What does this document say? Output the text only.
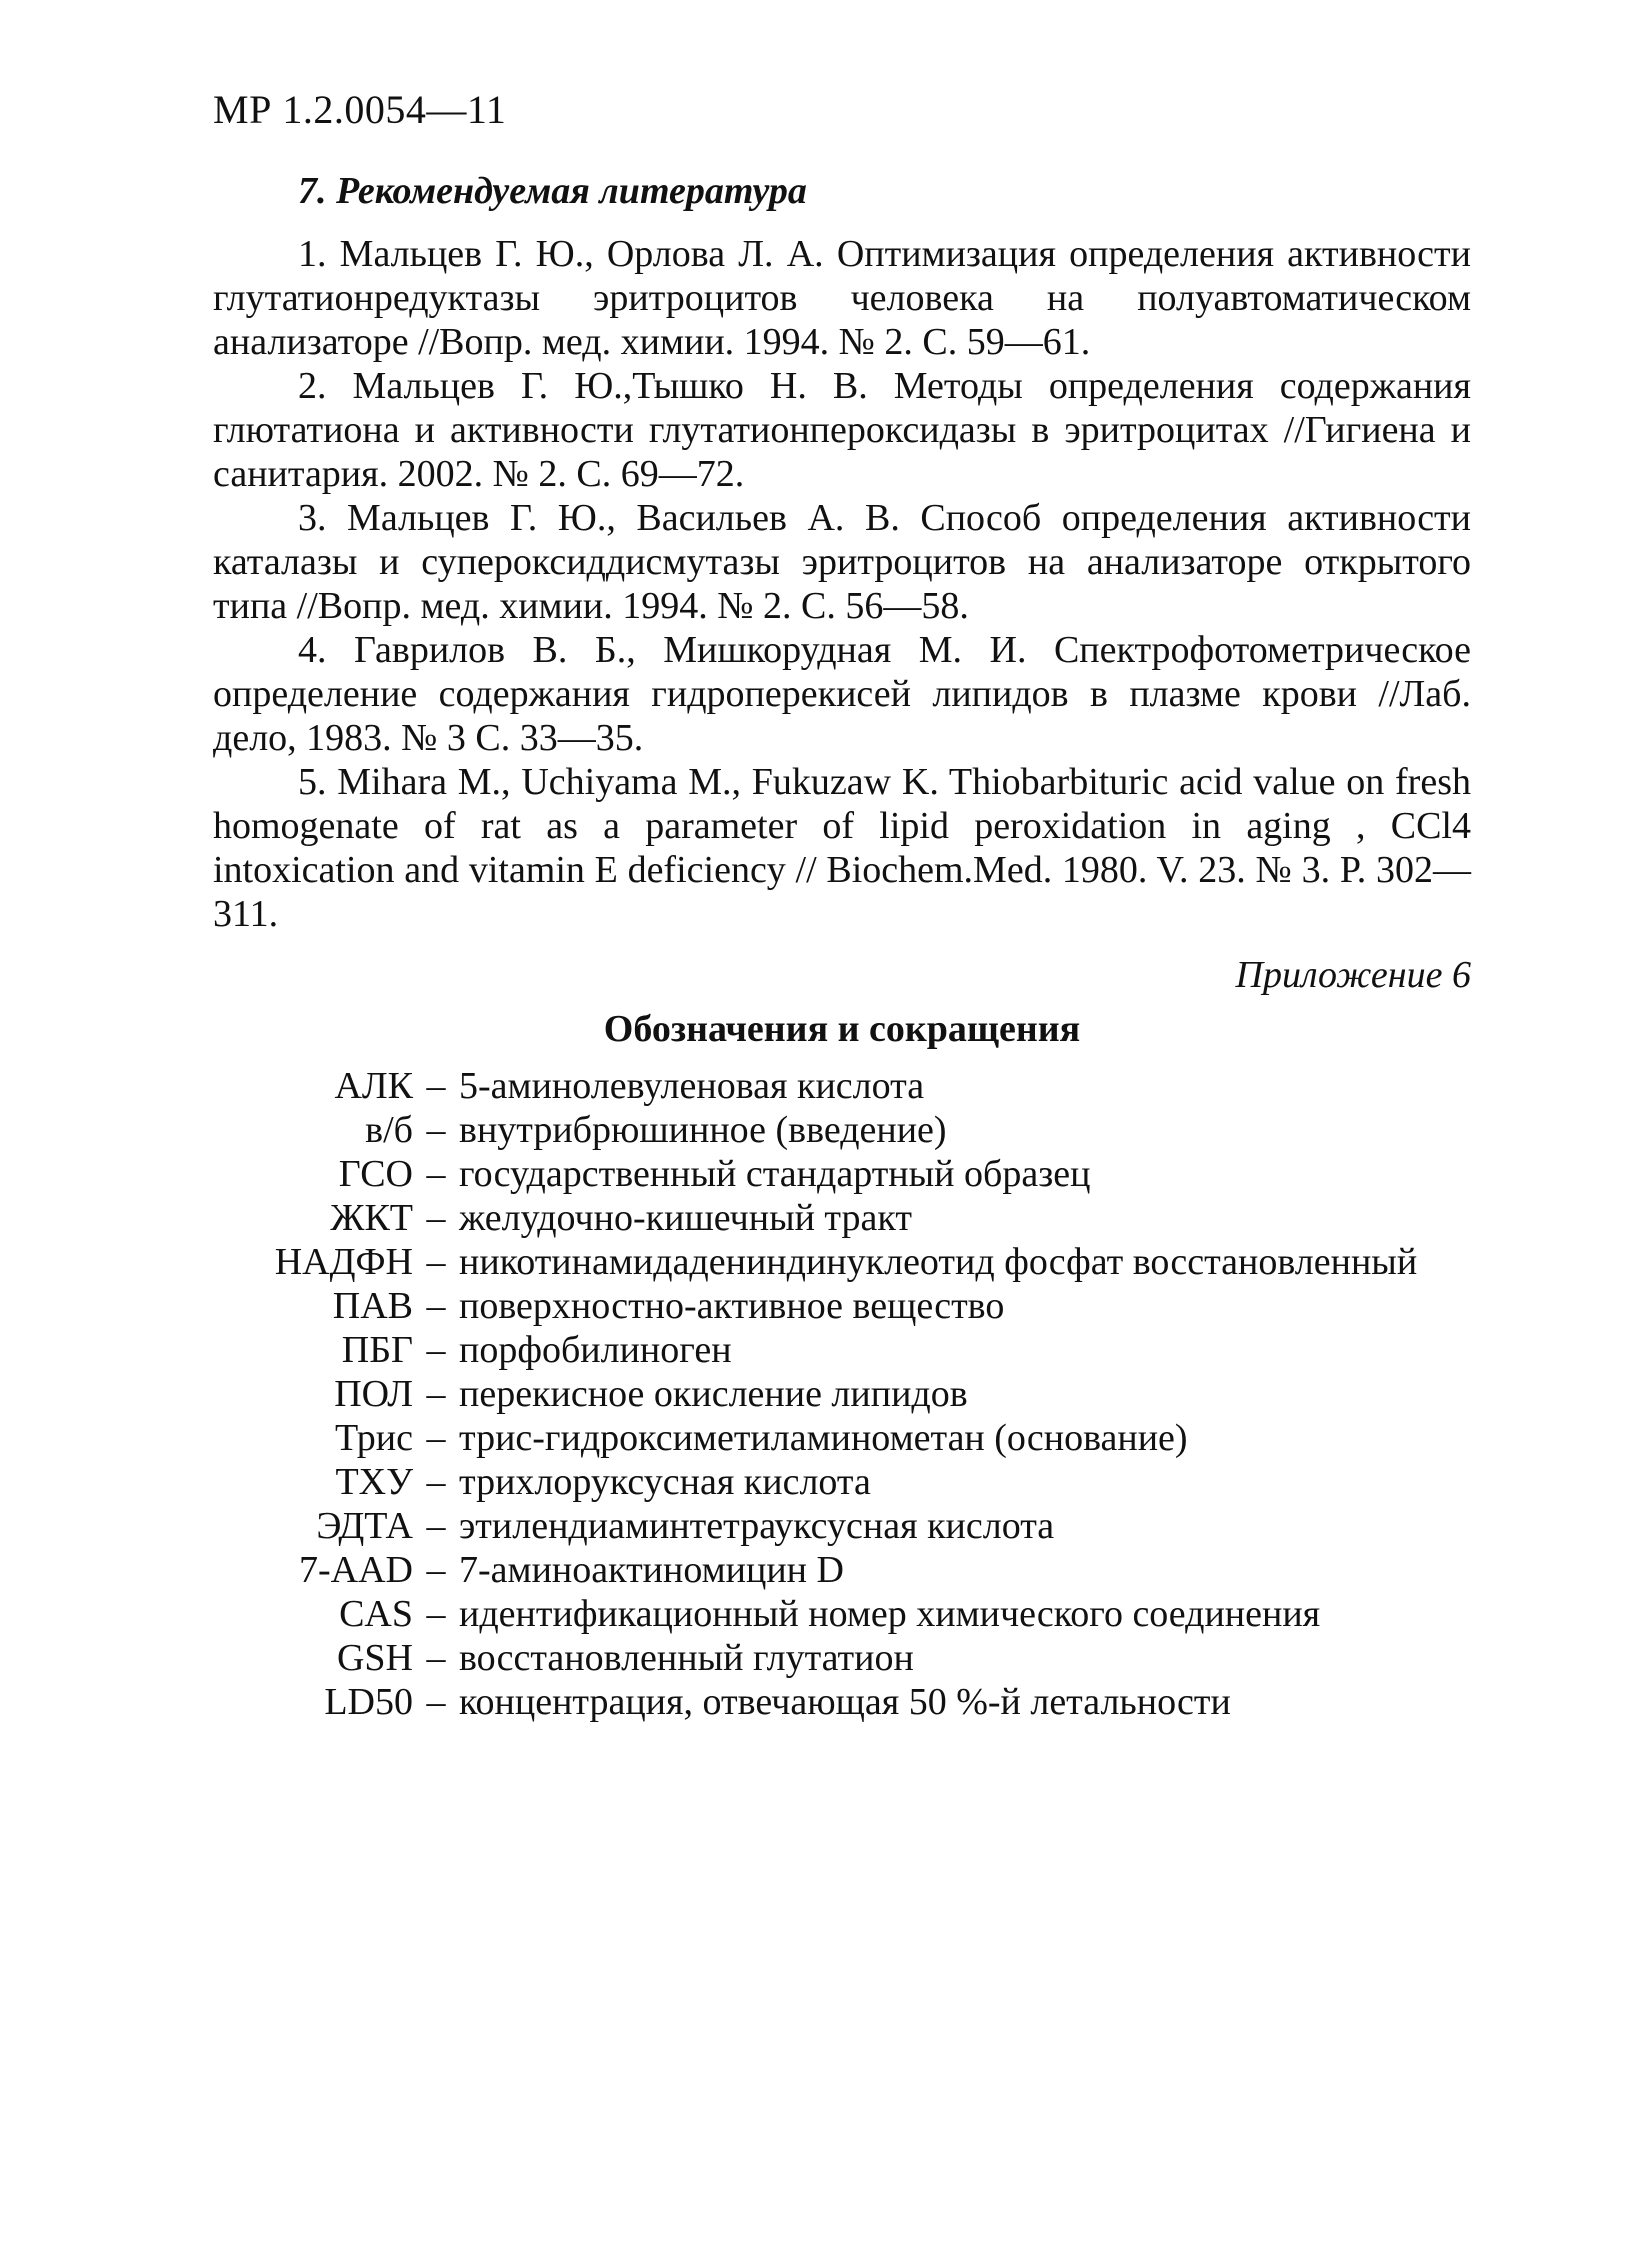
МР 1.2.0054—11
7. Рекомендуемая литература

1. Мальцев Г. Ю., Орлова Л. А. Оптимизация определения активности глутатионредуктазы эритроцитов человека на полуавтоматическом анализаторе //Вопр. мед. химии. 1994. № 2. С. 59—61.

2. Мальцев Г. Ю.,Тышко Н. В. Методы определения содержания глютатиона и активности глутатионпероксидазы в эритроцитах //Гигиена и санитария. 2002. № 2. С. 69—72.

3. Мальцев Г. Ю., Васильев А. В. Способ определения активности каталазы и супероксиддисмутазы эритроцитов на анализаторе открытого типа //Вопр. мед. химии. 1994. № 2. С. 56—58.

4. Гаврилов В. Б., Мишкорудная М. И. Спектрофотометрическое определение содержания гидроперекисей липидов в плазме крови //Лаб. дело, 1983. № 3 С. 33—35.

5. Mihara M., Uchiyama M., Fukuzaw K. Thiobarbituric acid value on fresh homogenate of rat as a parameter of lipid peroxidation in aging , CCl4 intoxication and vitamin E deficiency // Biochem.Med. 1980. V. 23. № 3. P. 302—311.

Приложение 6
Обозначения и сокращения
АЛК – 5-аминолевуленовая кислота
в/б – внутрибрюшинное (введение)
ГСО – государственный стандартный образец
ЖКТ – желудочно-кишечный тракт
НАДФН – никотинамидадениндинуклеотид фосфат восстановленный
ПАВ – поверхностно-активное вещество
ПБГ – порфобилиноген
ПОЛ – перекисное окисление липидов
Трис – трис-гидроксиметиламинометан (основание)
ТХУ – трихлоруксусная кислота
ЭДТА – этилендиаминтетрауксусная кислота
7-AAD – 7-аминоактиномицин D
CAS – идентификационный номер химического соединения
GSH – восстановленный глутатион
LD50 – концентрация, отвечающая 50 %-й летальности
